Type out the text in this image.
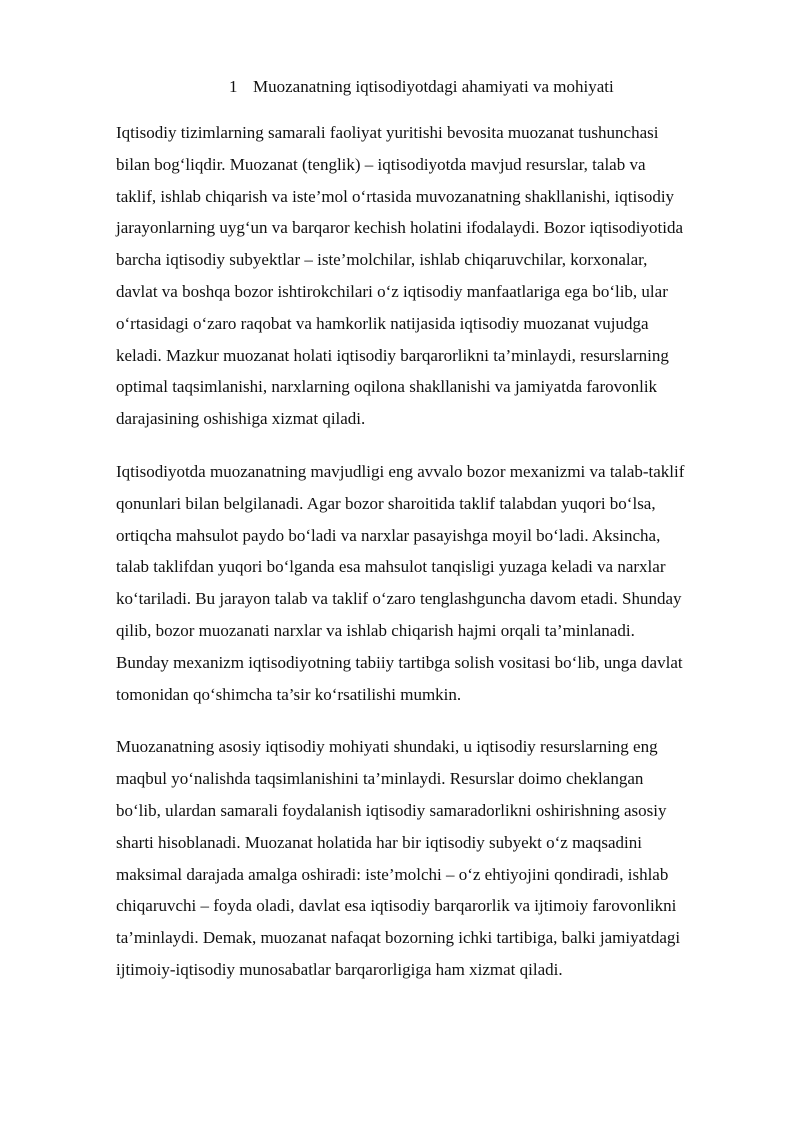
1 Muozanatning iqtisodiyotdagi ahamiyati va mohiyati

Iqtisodiy tizimlarning samarali faoliyat yuritishi bevosita muozanat tushunchasi bilan bog‘liqdir. Muozanat (tenglik) – iqtisodiyotda mavjud resurslar, talab va taklif, ishlab chiqarish va iste’mol o‘rtasida muvozanatning shakllanishi, iqtisodiy jarayonlarning uyg‘un va barqaror kechish holatini ifodalaydi. Bozor iqtisodiyotida barcha iqtisodiy subyektlar – iste’molchilar, ishlab chiqaruvchilar, korxonalar, davlat va boshqa bozor ishtirokchilari o‘z iqtisodiy manfaatlariga ega bo‘lib, ular o‘rtasidagi o‘zaro raqobat va hamkorlik natijasida iqtisodiy muozanat vujudga keladi. Mazkur muozanat holati iqtisodiy barqarorlikni ta’minlaydi, resurslarning optimal taqsimlanishi, narxlarning oqilona shakllanishi va jamiyatda farovonlik darajasining oshishiga xizmat qiladi.

Iqtisodiyotda muozanatning mavjudligi eng avvalo bozor mexanizmi va talab-taklif qonunlari bilan belgilanadi. Agar bozor sharoitida taklif talabdan yuqori bo‘lsa, ortiqcha mahsulot paydo bo‘ladi va narxlar pasayishga moyil bo‘ladi. Aksincha, talab taklifdan yuqori bo‘lganda esa mahsulot tanqisligi yuzaga keladi va narxlar ko‘tariladi. Bu jarayon talab va taklif o‘zaro tenglashguncha davom etadi. Shunday qilib, bozor muozanati narxlar va ishlab chiqarish hajmi orqali ta’minlanadi. Bunday mexanizm iqtisodiyotning tabiiy tartibga solish vositasi bo‘lib, unga davlat tomonidan qo‘shimcha ta’sir ko‘rsatilishi mumkin.

Muozanatning asosiy iqtisodiy mohiyati shundaki, u iqtisodiy resurslarning eng maqbul yo‘nalishda taqsimlanishini ta’minlaydi. Resurslar doimo cheklangan bo‘lib, ulardan samarali foydalanish iqtisodiy samaradorlikni oshirishning asosiy sharti hisoblanadi. Muozanat holatida har bir iqtisodiy subyekt o‘z maqsadini maksimal darajada amalga oshiradi: iste’molchi – o‘z ehtiyojini qondiradi, ishlab chiqaruvchi – foyda oladi, davlat esa iqtisodiy barqarorlik va ijtimoiy farovonlikni ta’minlaydi. Demak, muozanat nafaqat bozorning ichki tartibiga, balki jamiyatdagi ijtimoiy-iqtisodiy munosabatlar barqarorligiga ham xizmat qiladi.
